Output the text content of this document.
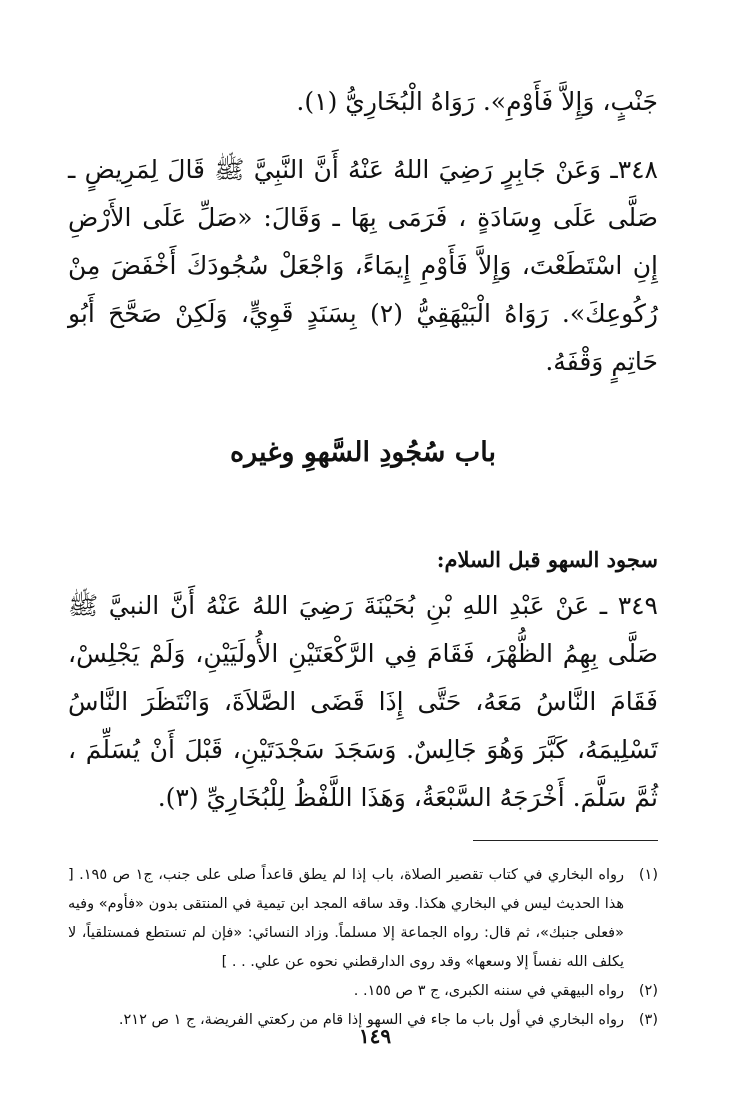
جَنْبٍ، وَإِلاَّ فَأَوْمِ». رَوَاهُ الْبُخَارِيُّ (١).

٣٤٨ـ وَعَنْ جَابِرٍ رَضِيَ اللهُ عَنْهُ أَنَّ النَّبِيَّ ﷺ قَالَ لِمَرِيضٍ ـ صَلَّى عَلَى وِسَادَةٍ ، فَرَمَى بِهَا ـ وَقَالَ: «صَلِّ عَلَى الأَرْضِ إِنِ اسْتَطَعْتَ، وَإِلاَّ فَأَوْمِ إِيمَاءً، وَاجْعَلْ سُجُودَكَ أَخْفَضَ مِنْ رُكُوعِكَ». رَوَاهُ الْبَيْهَقِيُّ (٢) بِسَنَدٍ قَوِيٍّ، وَلَكِنْ صَحَّحَ أَبُو حَاتِمٍ وَقْفَهُ.

باب سُجُودِ السَّهوِ وغيره
سجود السهو قبل السلام:

٣٤٩ ـ عَنْ عَبْدِ اللهِ بْنِ بُحَيْنَةَ رَضِيَ اللهُ عَنْهُ أَنَّ النبيَّ ﷺ صَلَّى بِهِمُ الظُّهْرَ، فَقَامَ فِي الرَّكْعَتَيْنِ الأُولَيَيْنِ، وَلَمْ يَجْلِسْ، فَقَامَ النَّاسُ مَعَهُ، حَتَّى إِذَا قَضَى الصَّلاَةَ، وَانْتَظَرَ النَّاسُ تَسْلِيمَهُ، كَبَّرَ وَهُوَ جَالِسٌ. وَسَجَدَ سَجْدَتَيْنِ، قَبْلَ أَنْ يُسَلِّمَ ، ثُمَّ سَلَّمَ. أَخْرَجَهُ السَّبْعَةُ، وَهَذَا اللَّفْظُ لِلْبُخَارِيِّ (٣).

(١)
رواه البخاري في كتاب تقصير الصلاة، باب إذا لم يطق قاعداً صلى على جنب، ج١ ص ١٩٥. [ هذا الحديث ليس في البخاري هكذا. وقد ساقه المجد ابن تيمية في المنتقى بدون «فأوم» وفيه «فعلى جنبك»، ثم قال: رواه الجماعة إلا مسلماً. وزاد النسائي: «فإن لم تستطع فمستلقياً، لا يكلف الله نفساً إلا وسعها» وقد روى الدارقطني نحوه عن علي. . . ]
(٢)
رواه البيهقي في سننه الكبرى، ج ٣ ص ١٥٥. .
(٣)
رواه البخاري في أول باب ما جاء في السهو إذا قام من ركعتي الفريضة، ج ١ ص ٢١٢.
١٤٩
